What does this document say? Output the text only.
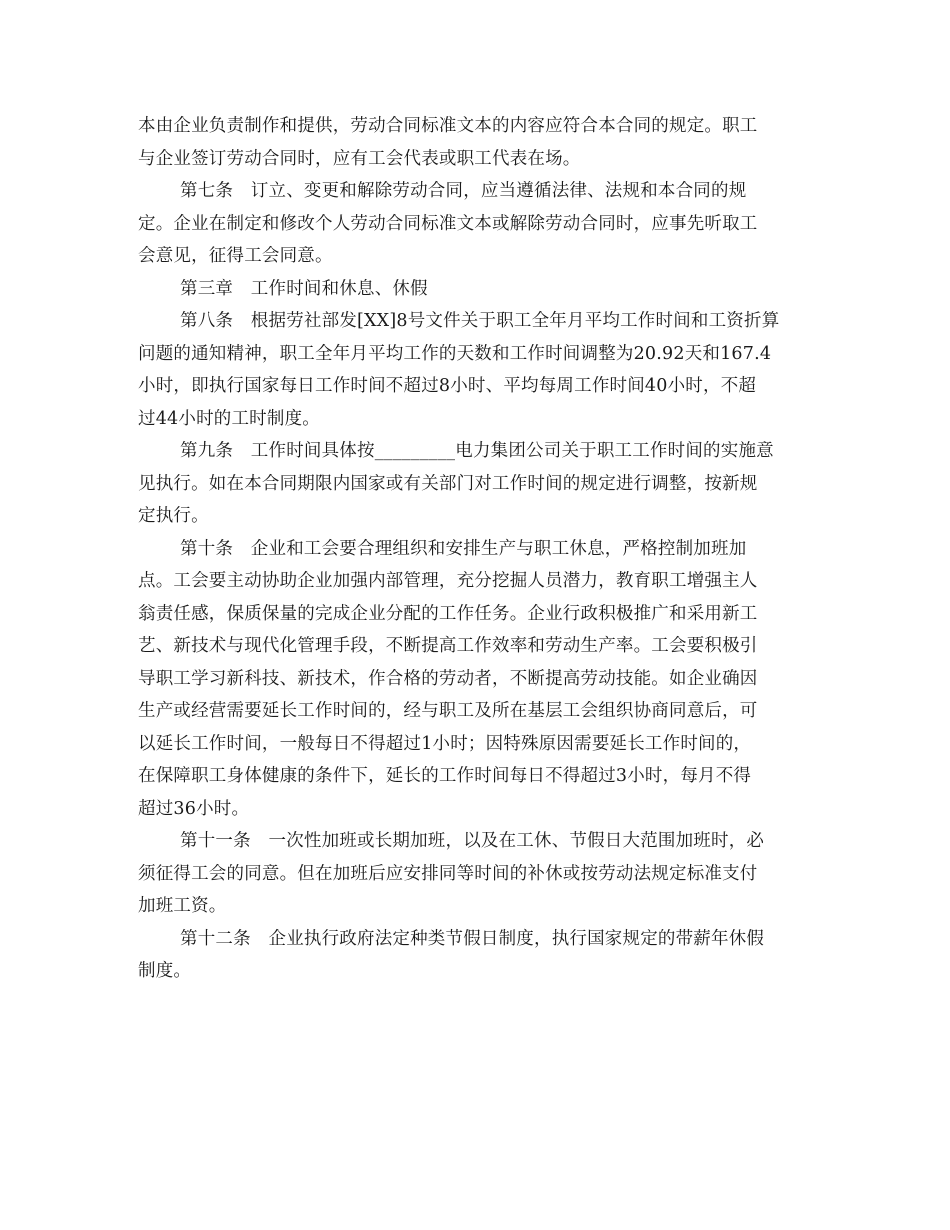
本由企业负责制作和提供，劳动合同标准文本的内容应符合本合同的规定。职工
与企业签订劳动合同时，应有工会代表或职工代表在场。

第七条　订立、变更和解除劳动合同，应当遵循法律、法规和本合同的规
定。企业在制定和修改个人劳动合同标准文本或解除劳动合同时，应事先听取工
会意见，征得工会同意。

第三章　工作时间和休息、休假

第八条　根据劳社部发[XX]8号文件关于职工全年月平均工作时间和工资折算
问题的通知精神，职工全年月平均工作的天数和工作时间调整为20.92天和167.4
小时，即执行国家每日工作时间不超过8小时、平均每周工作时间40小时，不超
过44小时的工时制度。

第九条　工作时间具体按_________电力集团公司关于职工工作时间的实施意
见执行。如在本合同期限内国家或有关部门对工作时间的规定进行调整，按新规
定执行。

第十条　企业和工会要合理组织和安排生产与职工休息，严格控制加班加
点。工会要主动协助企业加强内部管理，充分挖掘人员潜力，教育职工增强主人
翁责任感，保质保量的完成企业分配的工作任务。企业行政积极推广和采用新工
艺、新技术与现代化管理手段，不断提高工作效率和劳动生产率。工会要积极引
导职工学习新科技、新技术，作合格的劳动者，不断提高劳动技能。如企业确因
生产或经营需要延长工作时间的，经与职工及所在基层工会组织协商同意后，可
以延长工作时间，一般每日不得超过1小时；因特殊原因需要延长工作时间的，
在保障职工身体健康的条件下，延长的工作时间每日不得超过3小时，每月不得
超过36小时。

第十一条　一次性加班或长期加班，以及在工休、节假日大范围加班时，必
须征得工会的同意。但在加班后应安排同等时间的补休或按劳动法规定标准支付
加班工资。

第十二条　企业执行政府法定种类节假日制度，执行国家规定的带薪年休假
制度。
